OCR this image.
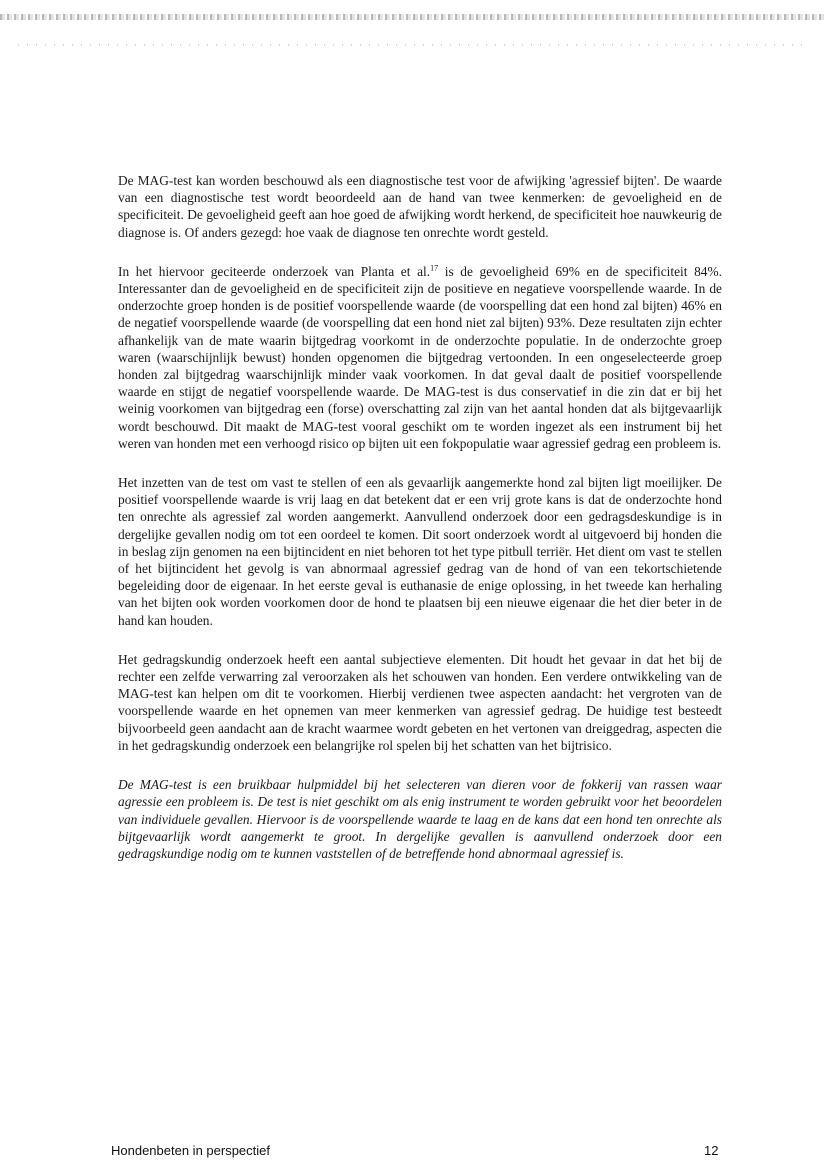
De MAG-test kan worden beschouwd als een diagnostische test voor de afwijking 'agressief bijten'. De waarde van een diagnostische test wordt beoordeeld aan de hand van twee kenmerken: de gevoeligheid en de specificiteit. De gevoeligheid geeft aan hoe goed de afwijking wordt herkend, de specificiteit hoe nauwkeurig de diagnose is. Of anders gezegd: hoe vaak de diagnose ten onrechte wordt gesteld.

In het hiervoor geciteerde onderzoek van Planta et al.$^{17}$ is de gevoeligheid 69% en de specificiteit 84%. Interessanter dan de gevoeligheid en de specificiteit zijn de positieve en negatieve voorspellende waarde. In de onderzochte groep honden is de positief voorspellende waarde (de voorspelling dat een hond zal bijten) 46% en de negatief voorspellende waarde (de voorspelling dat een hond niet zal bijten) 93%. Deze resultaten zijn echter afhankelijk van de mate waarin bijtgedrag voorkomt in de onderzochte populatie. In de onderzochte groep waren (waarschijnlijk bewust) honden opgenomen die bijtgedrag vertoonden. In een ongeselecteerde groep honden zal bijtgedrag waarschijnlijk minder vaak voorkomen. In dat geval daalt de positief voorspellende waarde en stijgt de negatief voorspellende waarde. De MAG-test is dus conservatief in die zin dat er bij het weinig voorkomen van bijtgedrag een (forse) overschatting zal zijn van het aantal honden dat als bijtgevaarlijk wordt beschouwd. Dit maakt de MAG-test vooral geschikt om te worden ingezet als een instrument bij het weren van honden met een verhoogd risico op bijten uit een fokpopulatie waar agressief gedrag een probleem is.

Het inzetten van de test om vast te stellen of een als gevaarlijk aangemerkte hond zal bijten ligt moeilijker. De positief voorspellende waarde is vrij laag en dat betekent dat er een vrij grote kans is dat de onderzochte hond ten onrechte als agressief zal worden aangemerkt. Aanvullend onderzoek door een gedragsdeskundige is in dergelijke gevallen nodig om tot een oordeel te komen. Dit soort onderzoek wordt al uitgevoerd bij honden die in beslag zijn genomen na een bijtincident en niet behoren tot het type pitbull terriër. Het dient om vast te stellen of het bijtincident het gevolg is van abnormaal agressief gedrag van de hond of van een tekortschietende begeleiding door de eigenaar. In het eerste geval is euthanasie de enige oplossing, in het tweede kan herhaling van het bijten ook worden voorkomen door de hond te plaatsen bij een nieuwe eigenaar die het dier beter in de hand kan houden.

Het gedragskundig onderzoek heeft een aantal subjectieve elementen. Dit houdt het gevaar in dat het bij de rechter een zelfde verwarring zal veroorzaken als het schouwen van honden. Een verdere ontwikkeling van de MAG-test kan helpen om dit te voorkomen. Hierbij verdienen twee aspecten aandacht: het vergroten van de voorspellende waarde en het opnemen van meer kenmerken van agressief gedrag. De huidige test besteedt bijvoorbeeld geen aandacht aan de kracht waarmee wordt gebeten en het vertonen van dreiggedrag, aspecten die in het gedragskundig onderzoek een belangrijke rol spelen bij het schatten van het bijtrisico.

De MAG-test is een bruikbaar hulpmiddel bij het selecteren van dieren voor de fokkerij van rassen waar agressie een probleem is. De test is niet geschikt om als enig instrument te worden gebruikt voor het beoordelen van individuele gevallen. Hiervoor is de voorspellende waarde te laag en de kans dat een hond ten onrechte als bijtgevaarlijk wordt aangemerkt te groot. In dergelijke gevallen is aanvullend onderzoek door een gedragskundige nodig om te kunnen vaststellen of de betreffende hond abnormaal agressief is.

Hondenbeten in perspectief	12
